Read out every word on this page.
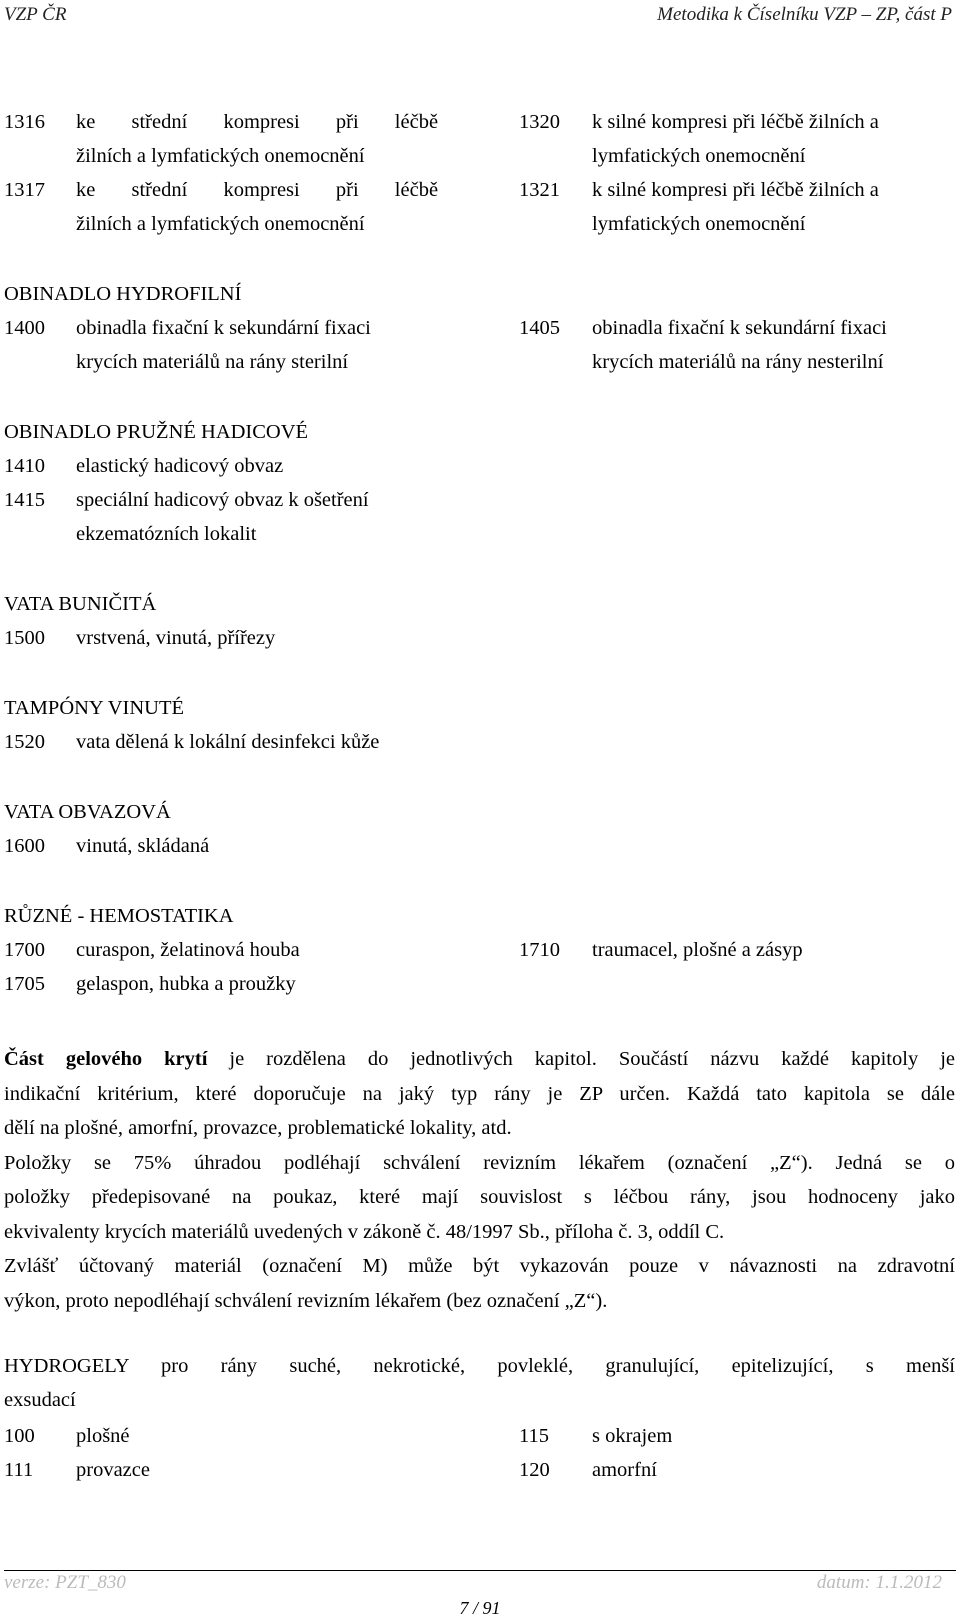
VZP ČR	Metodika k Číselníku VZP – ZP, část P
1316 ke střední kompresi při léčbě
žilních a lymfatických onemocnění
1317 ke střední kompresi při léčbě
žilních a lymfatických onemocnění
1320 k silné kompresi při léčbě žilních a
lymfatických onemocnění
1321 k silné kompresi při léčbě žilních a
lymfatických onemocnění
OBINADLO HYDROFILNÍ
1400 obinadla fixační k sekundární fixaci
krycích materiálů na rány sterilní
1405 obinadla fixační k sekundární fixaci
krycích materiálů na rány nesterilní
OBINADLO PRUŽNÉ HADICOVÉ
1410 elastický hadicový obvaz
1415 speciální hadicový obvaz k ošetření
ekzematózních lokalit
VATA BUNIČITÁ
1500 vrstvená, vinutá, přířezy
TAMPÓNY VINUTÉ
1520 vata dělená k lokální desinfekci kůže
VATA OBVAZOVÁ
1600 vinutá, skládaná
RŮZNÉ - HEMOSTATIKA
1700 curaspon, želatinová houba
1705 gelaspon, hubka a proužky
1710 traumacel, plošné a zásyp
Část gelového krytí je rozdělena do jednotlivých kapitol. Součástí názvu každé kapitoly je
indikační kritérium, které doporučuje na jaký typ rány je ZP určen. Každá tato kapitola se dále
dělí na plošné, amorfní, provazce, problematické lokality, atd.
Položky se 75% úhradou podléhají schválení revizním lékařem (označení „Z“). Jedná se o
položky předepisované na poukaz, které mají souvislost s léčbou rány, jsou hodnoceny jako
ekvivalenty krycích materiálů uvedených v zákoně č. 48/1997 Sb., příloha č. 3, oddíl C.
Zvlášť účtovaný materiál (označení M) může být vykazován pouze v návaznosti na zdravotní
výkon, proto nepodléhají schválení revizním lékařem (bez označení „Z“).
HYDROGELY pro rány suché, nekrotické, povleklé, granulující, epitelizující, s menší
exsudací
100 plošné
111 provazce
115 s okrajem
120 amorfní
verze: PZT_830	datum: 1.1.2012
7 / 91
